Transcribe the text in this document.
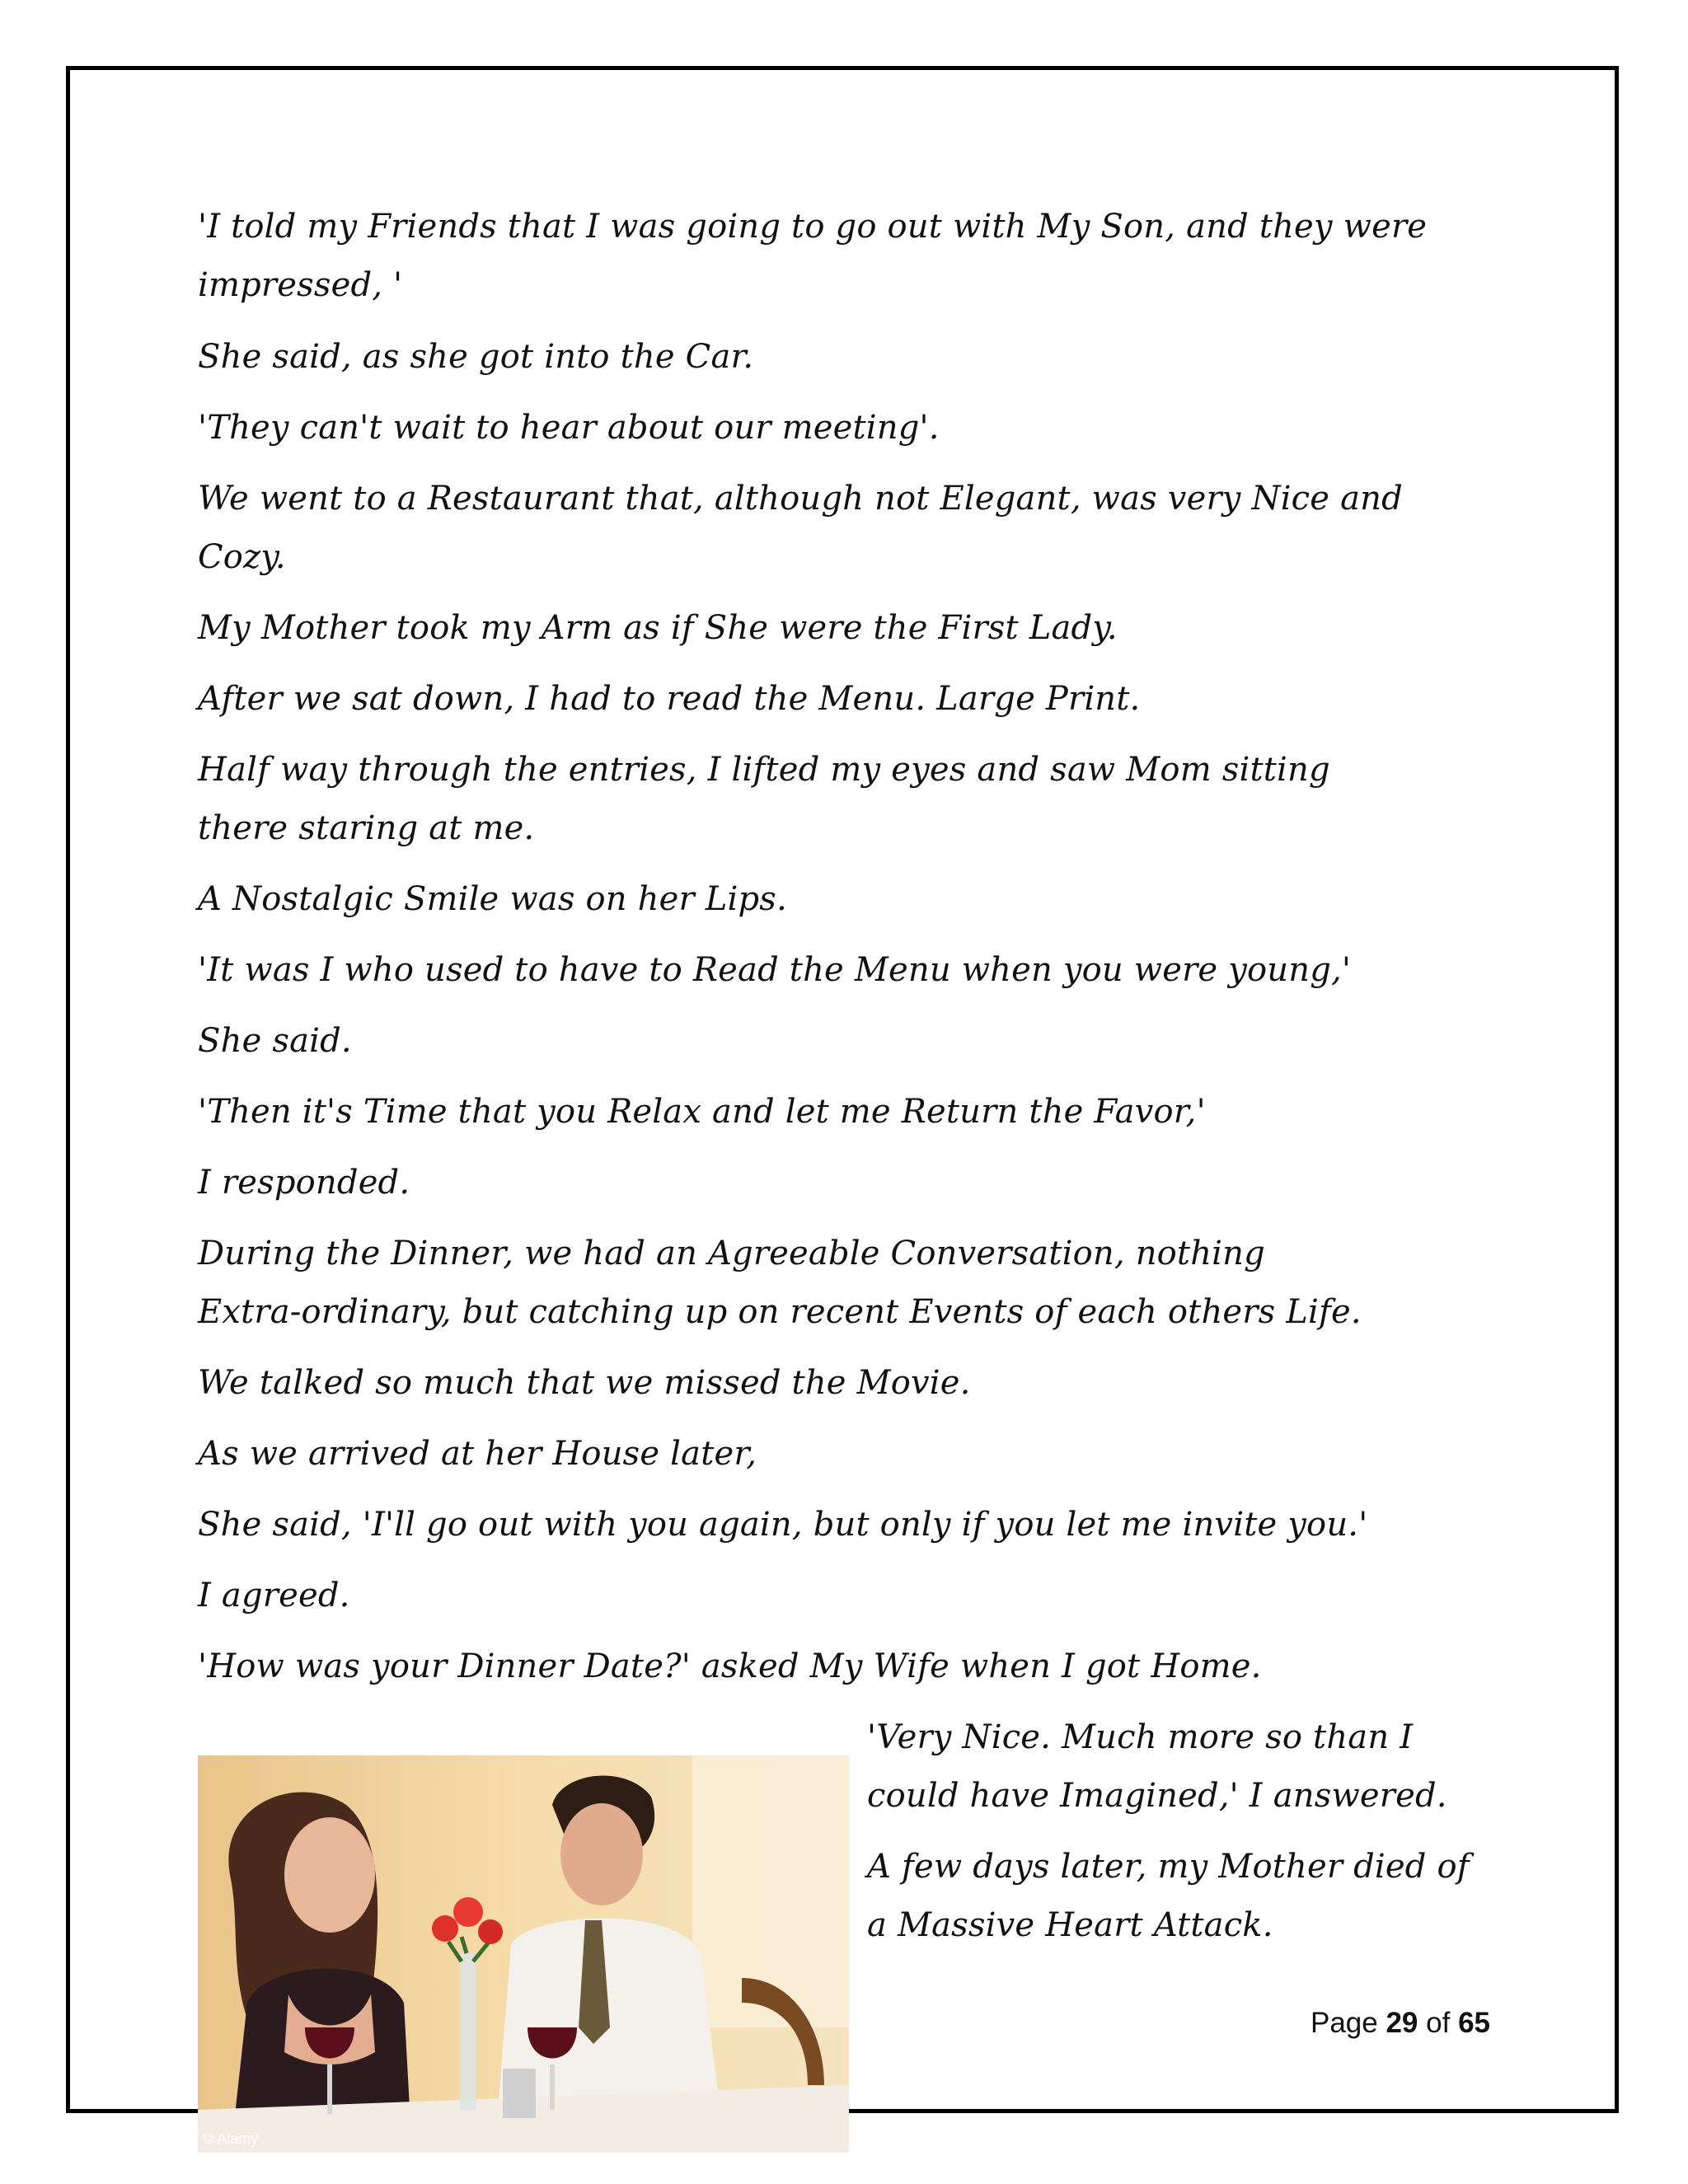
'I told my Friends that I was going to go out with My Son, and they were
impressed, '

She said, as she got into the Car.

'They can't wait to hear about our meeting'.

We went to a Restaurant that, although not Elegant, was very Nice and
Cozy.

My Mother took my Arm as if She were the First Lady.

After we sat down, I had to read the Menu. Large Print.

Half way through the entries, I lifted my eyes and saw Mom sitting
there staring at me.

A Nostalgic Smile was on her Lips.

'It was I who used to have to Read the Menu when you were young,'

She said.

'Then it's Time that you Relax and let me Return the Favor,'

I responded.

During the Dinner, we had an Agreeable Conversation, nothing
Extra-ordinary, but catching up on recent Events of each others Life.

We talked so much that we missed the Movie.

As we arrived at her House later,

She said, 'I'll go out with you again, but only if you let me invite you.'

I agreed.

'How was your Dinner Date?' asked My Wife when I got Home.

'Very Nice. Much more so than I
could have Imagined,' I answered.

A few days later, my Mother died of
a Massive Heart Attack.

© Alamy
Page 29 of 65
